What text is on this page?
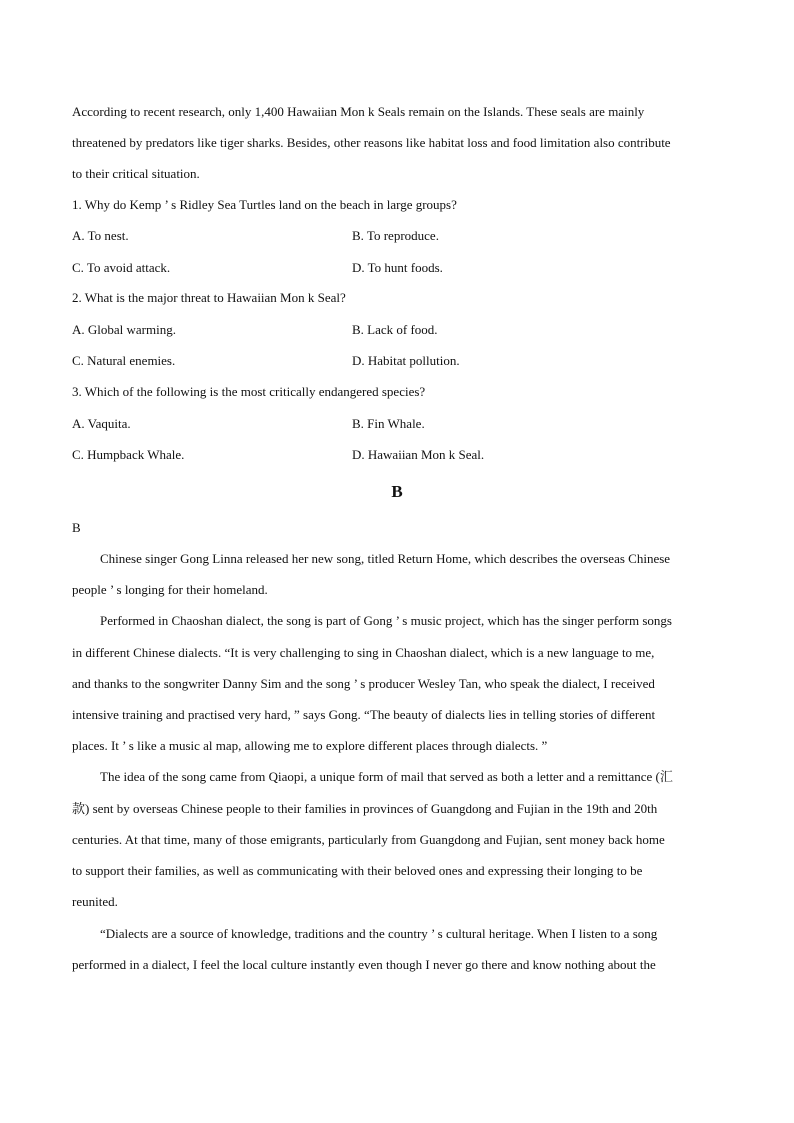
According to recent research, only 1,400 Hawaiian Mon k Seals remain on the Islands. These seals are mainly
threatened by predators like tiger sharks. Besides, other reasons like habitat loss and food limitation also contribute
to their critical situation.
1. Why do Kemp ’ s Ridley Sea Turtles land on the beach in large groups?
A. To nest.	B. To reproduce.
C. To avoid attack.	D. To hunt foods.
2. What is the major threat to Hawaiian Mon k Seal?
A. Global warming.	B. Lack of food.
C. Natural enemies.	D. Habitat pollution.
3. Which of the following is the most critically endangered species?
A. Vaquita.	B. Fin Whale.
C. Humpback Whale.	D. Hawaiian Mon k Seal.
B
B
Chinese singer Gong Linna released her new song, titled Return Home, which describes the overseas Chinese
people ’ s longing for their homeland.
Performed in Chaoshan dialect, the song is part of Gong ’ s music project, which has the singer perform songs
in different Chinese dialects. “It is very challenging to sing in Chaoshan dialect, which is a new language to me,
and thanks to the songwriter Danny Sim and the song ’ s producer Wesley Tan, who speak the dialect, I received
intensive training and practised very hard, ” says Gong. “The beauty of dialects lies in telling stories of different
places. It ’ s like a music al map, allowing me to explore different places through dialects. ”
The idea of the song came from Qiaopi, a unique form of mail that served as both a letter and a remittance (汇
款) sent by overseas Chinese people to their families in provinces of Guangdong and Fujian in the 19th and 20th
centuries. At that time, many of those emigrants, particularly from Guangdong and Fujian, sent money back home
to support their families, as well as communicating with their beloved ones and expressing their longing to be
reunited.
“Dialects are a source of knowledge, traditions and the country ’ s cultural heritage. When I listen to a song
performed in a dialect, I feel the local culture instantly even though I never go there and know nothing about the
